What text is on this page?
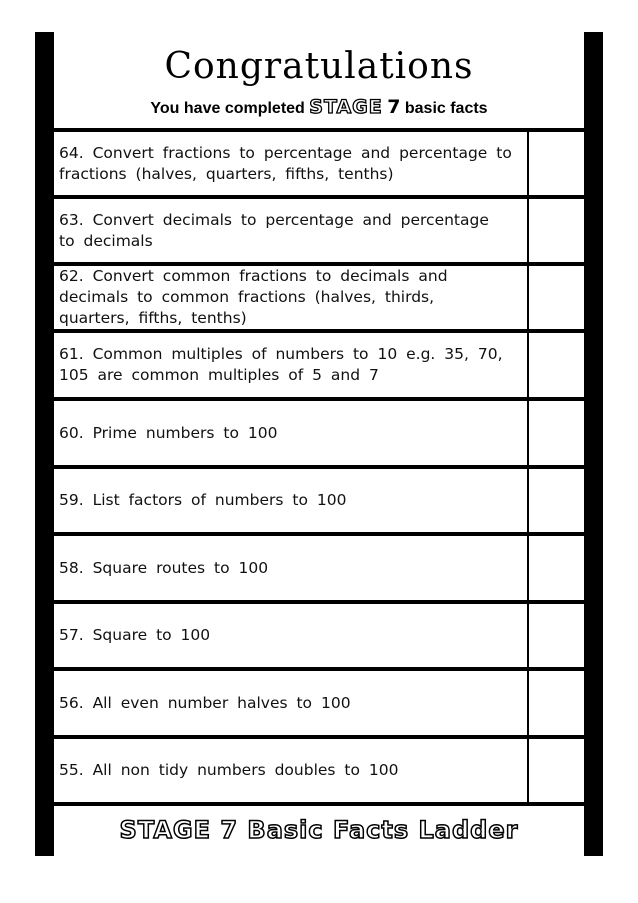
Congratulations
You have completed STAGE 7 basic facts
64. Convert fractions to percentage and percentage to fractions (halves, quarters, fifths, tenths)
63. Convert decimals to percentage and percentage to decimals
62. Convert common fractions to decimals and decimals to common fractions (halves, thirds, quarters, fifths, tenths)
61. Common multiples of numbers to 10 e.g. 35, 70, 105 are common multiples of 5 and 7
60. Prime numbers to 100
59. List factors of numbers to 100
58. Square routes to 100
57. Square to 100
56. All even number halves to 100
55. All non tidy numbers doubles to 100
STAGE 7 Basic Facts Ladder
